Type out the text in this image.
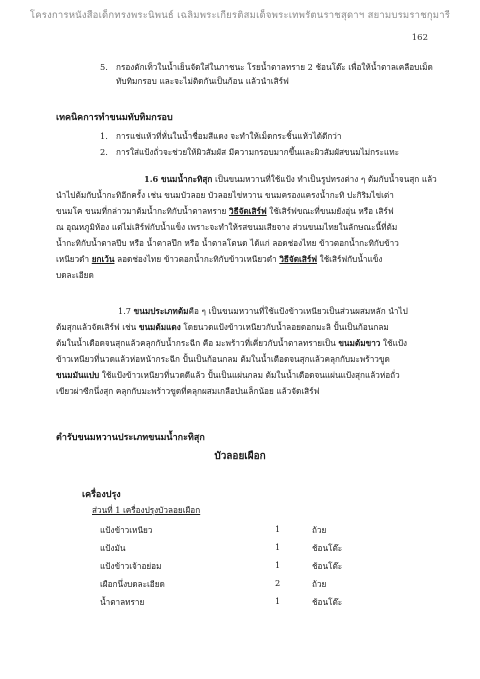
โครงการหนังสือเด็กทรงพระนิพนธ์ เฉลิมพระเกียรติสมเด็จพระเทพรัตนราชสุดาฯ สยามบรมราชกุมารี
162
5. กรองตักเท็วในน้ำเย็นจัดใส่ในภาชนะ โรยน้ำตาลทราย 2 ช้อนโต๊ะ เพื่อให้น้ำตาลเคลือบเม็ด
ทับทิมกรอบ และจะไม่ติดกันเป็นก้อน แล้วนำเสิร์ฟ
เทคนิคการทำขนมทับทิมกรอบ
1. การแช่แห้วที่หั่นในน้ำชื่อมสีแดง จะทำให้เม็ดกระชิ้นแห้วได้ดีกว่า
2. การใส่แป้งถั่วจะช่วยให้ผิวสัมผัส มีความกรอบมากขึ้นและผิวสัมผัสขนมไม่กระแทะ
1.6 ขนมน้ำกะทิสุก เป็นขนมหวานที่ใช้แป้ง ทำเป็นรูปทรงต่าง ๆ ต้มกับน้ำจนสุก แล้ว
นำไปต้มกับน้ำกะทิอีกครั้ง เช่น ขนมบัวลอย บัวลอยไข่หวาน ขนมครองแครงน้ำกะทิ ปะกิริมไข่เต่า
ขนมโค ขนมที่กล่าวมาต้มน้ำกะทิกับน้ำตาลทราย วิธีจัดเสิร์ฟ ใช้เสิร์ฟขณะที่ขนมยังอุ่น หรือ เสิร์ฟ
ณ อุณหภูมิห้อง แต่ไม่เสิร์ฟกับน้ำแข็ง เพราะจะทำให้รสขนมเสียจาง ส่วนขนมไทยในลักษณะนี้ที่ต้ม
น้ำกะทิกับน้ำตาลปีบ หรือ น้ำตาลปึก หรือ น้ำตาลโตนด ได้แก่ ลอดช่องไทย ข้าวตอกน้ำกะทิกับข้าว
เหนียวดำ ยกเว้น ลอดช่องไทย ข้าวตอกน้ำกะทิกับข้าวเหนียวดำ วิธีจัดเสิร์ฟ ใช้เสิร์ฟกับน้ำแข็ง
บดละเอียด
1.7 ขนมประเภทต้มคือ ๆ เป็นขนมหวานที่ใช้แป้งข้าวเหนียวเป็นส่วนผสมหลัก นำไป
ต้มสุกแล้วจัดเสิร์ฟ เช่น ขนมต้มแดง โดยนวดแป้งข้าวเหนียวกับน้ำลอยดอกมะลิ ปั้นเป็นก้อนกลม
ต้มในน้ำเดือดจนสุกแล้วคลุกกับน้ำกระฉีก คือ มะพร้าวที่เคี่ยวกับน้ำตาลทรายเป็น ขนมต้มขาว ใช้แป้ง
ข้าวเหนียวที่นวดแล้วห่อหน้ากระฉีก ปั้นเป็นก้อนกลม ต้มในน้ำเดือดจนสุกแล้วคลุกกับมะพร้าวขูด
ขนมมันแปบ ใช้แป้งข้าวเหนียวที่นวดดีแล้ว ปั้นเป็นแผ่นกลม ต้มในน้ำเดือดจนแผ่นแป้งสุกแล้วห่อถั่ว
เขียวผ่าซีกนึ่งสุก คลุกกับมะพร้าวขูดที่คลุกผสมเกลือป่นเล็กน้อย แล้วจัดเสิร์ฟ
ตำรับขนมหวานประเภทขนมน้ำกะทิสุก
บัวลอยเผือก
เครื่องปรุง
ส่วนที่ 1 เครื่องปรุงบัวลอยเผือก
แป้งข้าวเหนียว	1	ถ้วย
แป้งมัน	1	ช้อนโต๊ะ
แป้งข้าวเจ้าอย่อม	1	ช้อนโต๊ะ
เผือกนึ่งบดละเอียด	2	ถ้วย
น้ำตาลทราย	1	ช้อนโต๊ะ
